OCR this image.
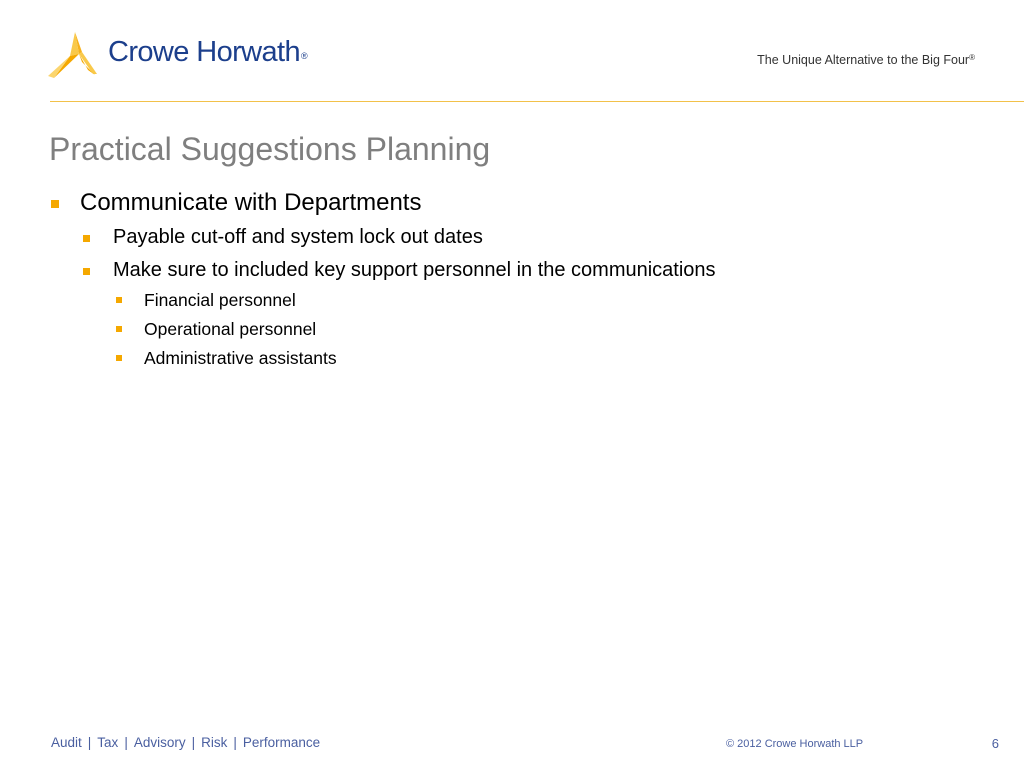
Crowe Horwath®	The Unique Alternative to the Big Four®
Practical Suggestions Planning
Communicate with Departments
Payable cut-off and system lock out dates
Make sure to included key support personnel in the communications
Financial personnel
Operational personnel
Administrative assistants
Audit | Tax | Advisory | Risk | Performance	© 2012 Crowe Horwath LLP	6
